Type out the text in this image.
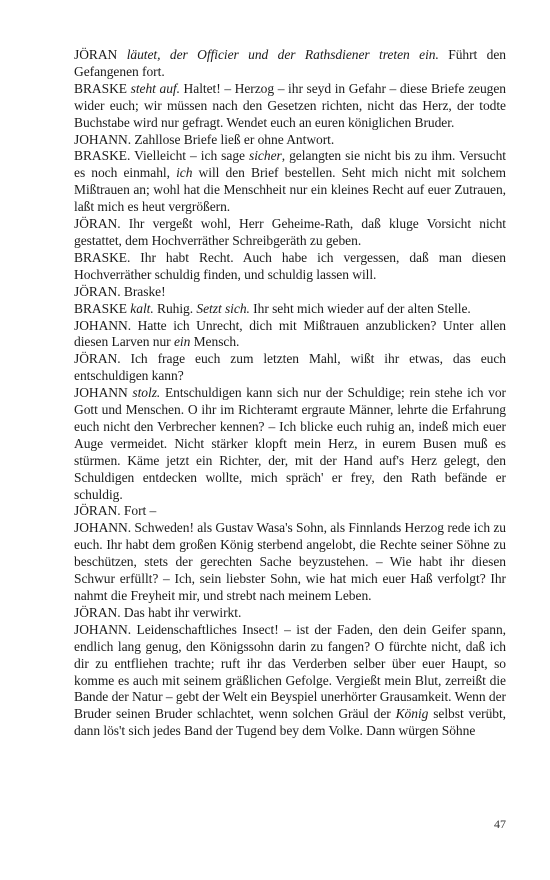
JÖRAN läutet, der Officier und der Rathsdiener treten ein. Führt den Gefangenen fort.

BRASKE steht auf. Haltet! – Herzog – ihr seyd in Gefahr – diese Briefe zeugen wider euch; wir müssen nach den Gesetzen richten, nicht das Herz, der todte Buchstabe wird nur gefragt. Wendet euch an euren königlichen Bruder.

JOHANN. Zahllose Briefe ließ er ohne Antwort.

BRASKE. Vielleicht – ich sage sicher, gelangten sie nicht bis zu ihm. Versucht es noch einmahl, ich will den Brief bestellen. Seht mich nicht mit solchem Mißtrauen an; wohl hat die Menschheit nur ein kleines Recht auf euer Zutrauen, laßt mich es heut vergrößern.

JÖRAN. Ihr vergeßt wohl, Herr Geheime-Rath, daß kluge Vorsicht nicht gestattet, dem Hochverräther Schreibgeräth zu geben.

BRASKE. Ihr habt Recht. Auch habe ich vergessen, daß man diesen Hochverräther schuldig finden, und schuldig lassen will.

JÖRAN. Braske!

BRASKE kalt. Ruhig. Setzt sich. Ihr seht mich wieder auf der alten Stelle.

JOHANN. Hatte ich Unrecht, dich mit Mißtrauen anzublicken? Unter allen diesen Larven nur ein Mensch.

JÖRAN. Ich frage euch zum letzten Mahl, wißt ihr etwas, das euch entschuldigen kann?

JOHANN stolz. Entschuldigen kann sich nur der Schuldige; rein stehe ich vor Gott und Menschen. O ihr im Richteramt ergraute Männer, lehrte die Erfahrung euch nicht den Verbrecher kennen? – Ich blicke euch ruhig an, indeß mich euer Auge vermeidet. Nicht stärker klopft mein Herz, in eurem Busen muß es stürmen. Käme jetzt ein Richter, der, mit der Hand auf's Herz gelegt, den Schuldigen entdecken wollte, mich spräch' er frey, den Rath befände er schuldig.

JÖRAN. Fort –

JOHANN. Schweden! als Gustav Wasa's Sohn, als Finnlands Herzog rede ich zu euch. Ihr habt dem großen König sterbend angelobt, die Rechte seiner Söhne zu beschützen, stets der gerechten Sache beyzustehen. – Wie habt ihr diesen Schwur erfüllt? – Ich, sein liebster Sohn, wie hat mich euer Haß verfolgt? Ihr nahmt die Freyheit mir, und strebt nach meinem Leben.

JÖRAN. Das habt ihr verwirkt.

JOHANN. Leidenschaftliches Insect! – ist der Faden, den dein Geifer spann, endlich lang genug, den Königssohn darin zu fangen? O fürchte nicht, daß ich dir zu entfliehen trachte; ruft ihr das Verderben selber über euer Haupt, so komme es auch mit seinem gräßlichen Gefolge. Vergießt mein Blut, zerreißt die Bande der Natur – gebt der Welt ein Beyspiel unerhörter Grausamkeit. Wenn der Bruder seinen Bruder schlachtet, wenn solchen Gräul der König selbst verübt, dann lös't sich jedes Band der Tugend bey dem Volke. Dann würgen Söhne

47
